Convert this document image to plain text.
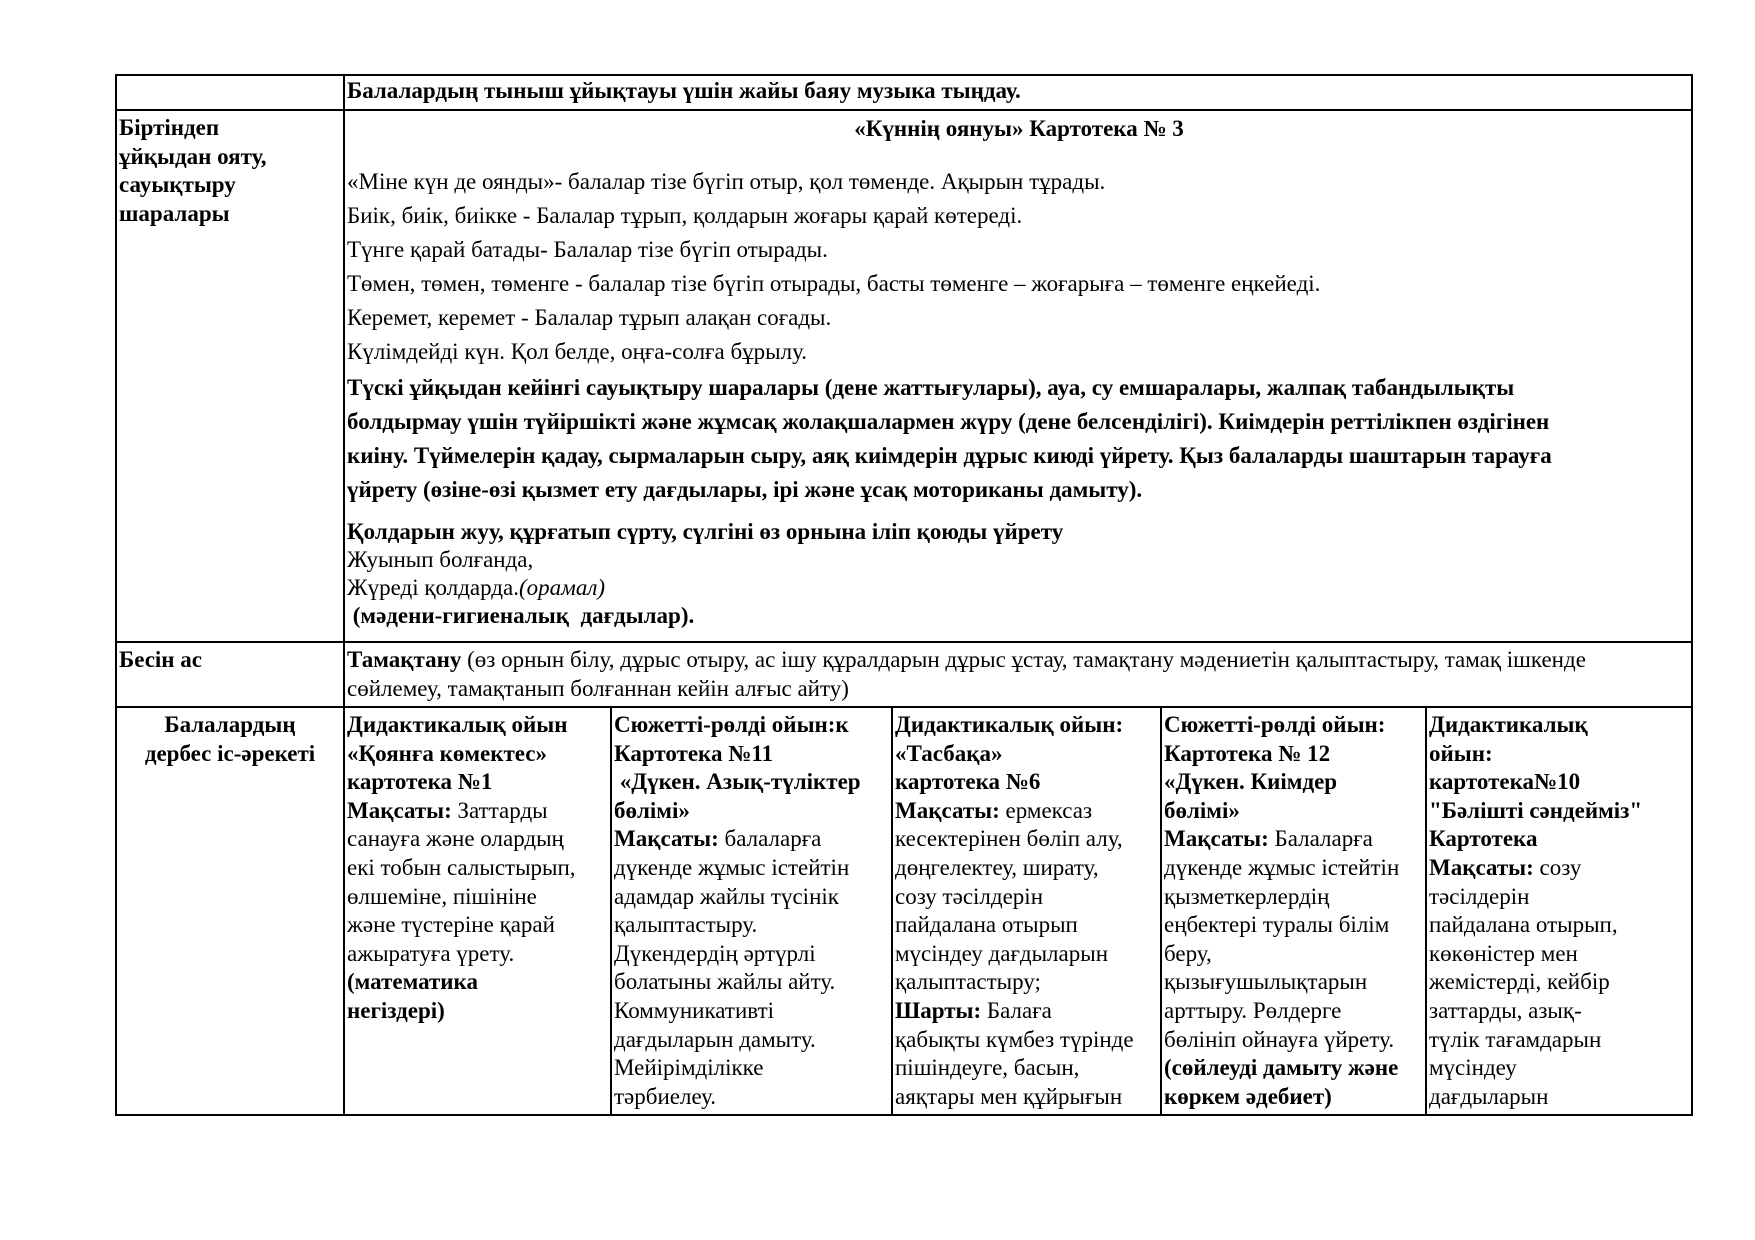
Балалардың тыныш ұйықтауы үшін жайы баяу музыка тыңдау.

Біртіндеп

ұйқыдан ояту,

сауықтыру

шаралары

«Күннің оянуы» Картотека № 3

«Міне күн де оянды»- балалар тізе бүгіп отыр, қол төменде. Ақырын тұрады.

Биік, биік, биікке - Балалар тұрып, қолдарын жоғары қарай көтереді.

Түнге қарай батады- Балалар тізе бүгіп отырады.

Төмен, төмен, төменге - балалар тізе бүгіп отырады, басты төменге – жоғарыға – төменге еңкейеді.

Керемет, керемет - Балалар тұрып алақан соғады.

Күлімдейді күн. Қол белде, оңға-солға бұрылу.

Түскі ұйқыдан кейінгі сауықтыру шаралары (дене жаттығулары), ауа, су емшаралары, жалпақ табандылықты

болдырмау үшін түйіршікті және жұмсақ жолақшалармен жүру (дене белсенділігі). Киімдерін реттілікпен өздігінен

киіну. Түймелерін қадау, сырмаларын сыру, аяқ киімдерін дұрыс киюді үйрету. Қыз балаларды шаштарын тарауға

үйрету (өзіне-өзі қызмет ету дағдылары, ірі және ұсақ моториканы дамыту).

Қолдарын жуу, құрғатып сүрту, сүлгіні өз орнына іліп қоюды үйрету

Жуынып болғанда,

Жүреді қолдарда.(орамал)

(мәдени-гигиеналық  дағдылар).

Бесін ас	Тамақтану (өз орнын білу, дұрыс отыру, ас ішу құралдарын дұрыс ұстау, тамақтану мәдениетін қалыптастыру, тамақ ішкенде

сөйлемеу, тамақтанып болғаннан кейін алғыс айту)

Балалардың

дербес іс-әрекеті

Дидактикалық ойын

«Қоянға көмектес»

картотека №1

Мақсаты: Заттарды

санауға және олардың

екі тобын салыстырып,

өлшеміне, пішініне

және түстеріне қарай

ажыратуға үрету.

(математика

негіздері)

Сюжетті-рөлді ойын:к

Картотека №11

«Дүкен. Азық-түліктер

бөлімі»

Мақсаты: балаларға

дүкенде жұмыс істейтін

адамдар жайлы түсінік

қалыптастыру.

Дүкендердің әртүрлі

болатыны жайлы айту.

Коммуникативті

дағдыларын дамыту.

Мейірімділікке

тәрбиелеу.

Дидактикалық ойын:

«Тасбақа»

картотека №6

Мақсаты: ермексаз

кесектерінен бөліп алу,

дөңгелектеу, ширату,

созу тәсілдерін

пайдалана отырып

мүсіндеу дағдыларын

қалыптастыру;

Шарты: Балаға

қабықты күмбез түрінде

пішіндеуге, басын,

аяқтары мен құйрығын

Сюжетті-рөлді ойын:

Картотека № 12

«Дүкен. Киімдер

бөлімі»

Мақсаты: Балаларға

дүкенде жұмыс істейтін

қызметкерлердің

еңбектері туралы білім

беру,

қызығушылықтарын

арттыру. Рөлдерге

бөлініп ойнауға үйрету.

(сөйлеуді дамыту және

көркем әдебиет)

Дидактикалық

ойын:

картотека№10

"Бәлішті сәндейміз"

Картотека

Мақсаты: созу

тәсілдерін

пайдалана отырып,

көкөністер мен

жемістерді, кейбір

заттарды, азық-

түлік тағамдарын

мүсіндеу

дағдыларын
